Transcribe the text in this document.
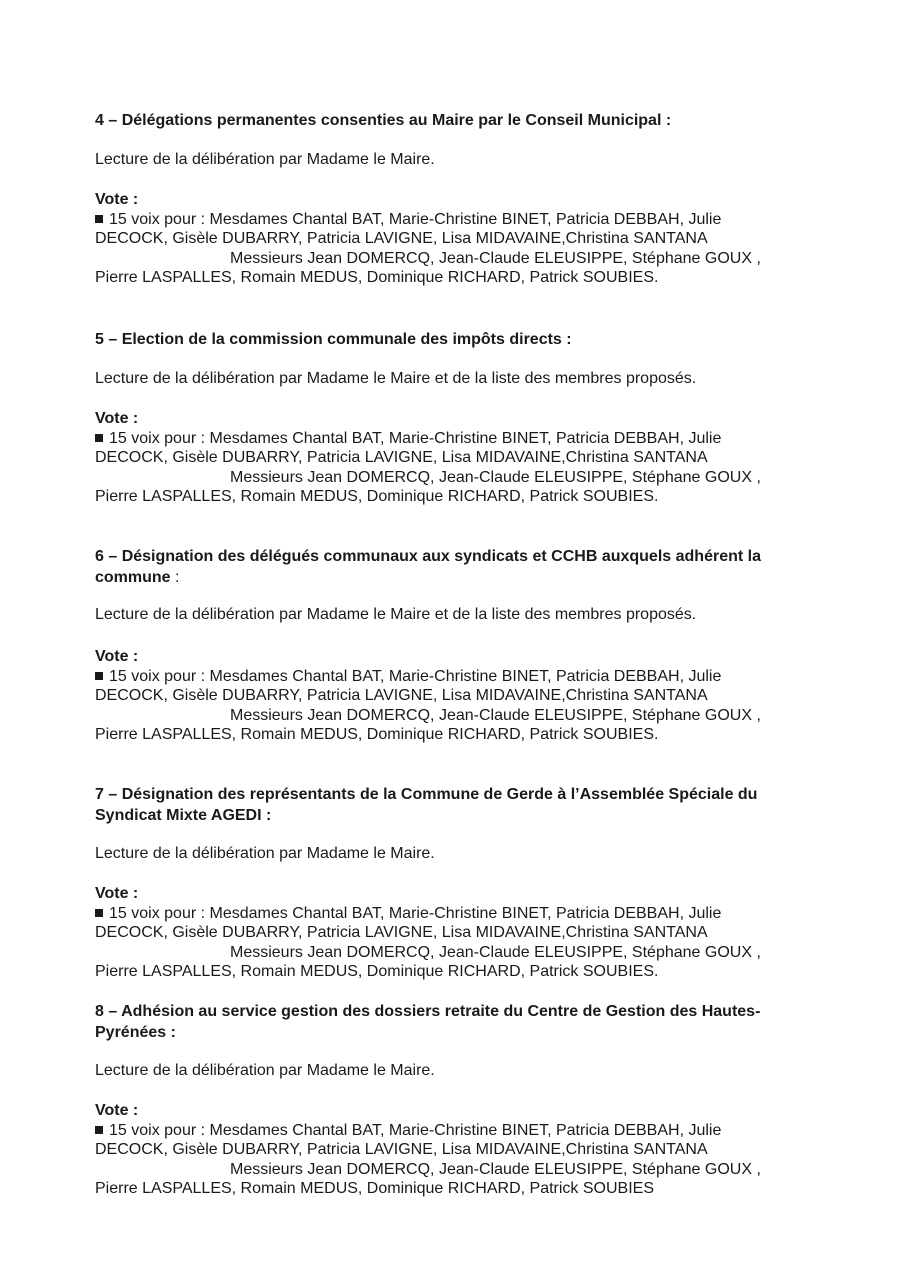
4 – Délégations permanentes consenties au Maire par le Conseil Municipal :

Lecture de la délibération par Madame le Maire.

Vote :
15 voix pour : Mesdames Chantal BAT, Marie-Christine BINET, Patricia DEBBAH, Julie
DECOCK, Gisèle DUBARRY, Patricia LAVIGNE, Lisa MIDAVAINE,Christina SANTANA
Messieurs Jean DOMERCQ, Jean-Claude ELEUSIPPE, Stéphane GOUX ,
Pierre LASPALLES, Romain MEDUS, Dominique RICHARD, Patrick SOUBIES.

5 – Election de la commission communale des impôts directs :

Lecture de la délibération par Madame le Maire et de la liste des membres proposés.

Vote :
15 voix pour : Mesdames Chantal BAT, Marie-Christine BINET, Patricia DEBBAH, Julie
DECOCK, Gisèle DUBARRY, Patricia LAVIGNE, Lisa MIDAVAINE,Christina SANTANA
Messieurs Jean DOMERCQ, Jean-Claude ELEUSIPPE, Stéphane GOUX ,
Pierre LASPALLES, Romain MEDUS, Dominique RICHARD, Patrick SOUBIES.

6 – Désignation des délégués communaux aux syndicats et CCHB auxquels adhérent la commune :

Lecture de la délibération par Madame le Maire et de la liste des membres proposés.

Vote :
15 voix pour : Mesdames Chantal BAT, Marie-Christine BINET, Patricia DEBBAH, Julie
DECOCK, Gisèle DUBARRY, Patricia LAVIGNE, Lisa MIDAVAINE,Christina SANTANA
Messieurs Jean DOMERCQ, Jean-Claude ELEUSIPPE, Stéphane GOUX ,
Pierre LASPALLES, Romain MEDUS, Dominique RICHARD, Patrick SOUBIES.

7 – Désignation des représentants de la Commune de Gerde à l’Assemblée Spéciale du Syndicat Mixte AGEDI :

Lecture de la délibération par Madame le Maire.

Vote :
15 voix pour : Mesdames Chantal BAT, Marie-Christine BINET, Patricia DEBBAH, Julie
DECOCK, Gisèle DUBARRY, Patricia LAVIGNE, Lisa MIDAVAINE,Christina SANTANA
Messieurs Jean DOMERCQ, Jean-Claude ELEUSIPPE, Stéphane GOUX ,
Pierre LASPALLES, Romain MEDUS, Dominique RICHARD, Patrick SOUBIES.

8 – Adhésion au service gestion des dossiers retraite du Centre de Gestion des Hautes-Pyrénées :

Lecture de la délibération par Madame le Maire.

Vote :
15 voix pour : Mesdames Chantal BAT, Marie-Christine BINET, Patricia DEBBAH, Julie
DECOCK, Gisèle DUBARRY, Patricia LAVIGNE, Lisa MIDAVAINE,Christina SANTANA
Messieurs Jean DOMERCQ, Jean-Claude ELEUSIPPE, Stéphane GOUX ,
Pierre LASPALLES, Romain MEDUS, Dominique RICHARD, Patrick SOUBIES
